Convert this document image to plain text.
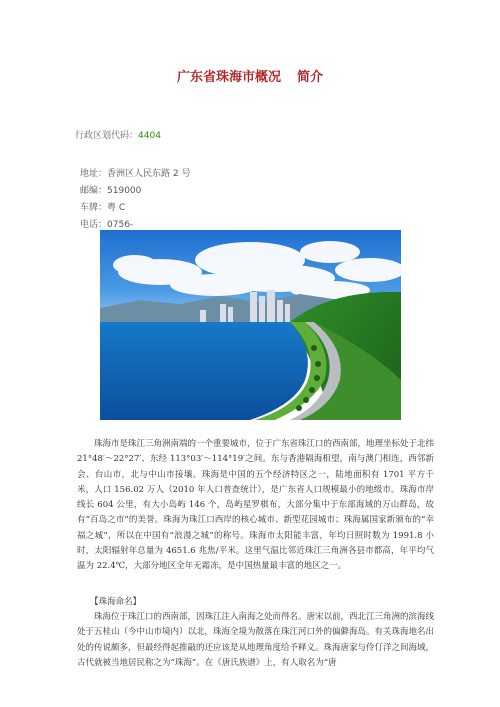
广东省珠海市概况 简介
行政区划代码：4404
地址：香洲区人民东路 2 号
邮编：519000
车牌：粤 C
电话：0756-

珠海市是珠江三角洲南端的一个重要城市，位于广东省珠江口的西南部，地理坐标处于北纬 21°48′～22°27′、东经 113°03′～114°19′之间。东与香港隔海相望，南与澳门相连，西邻新会、台山市，北与中山市接壤。珠海是中国的五个经济特区之一，陆地面积有 1701 平方千米，人口 156.02 万人（2010 年人口普查统计），是广东省人口规模最小的地级市。珠海市岸线长 604 公里，有大小岛屿 146 个，岛屿星罗棋布，大部分集中于东部海域的万山群岛，故有“百岛之市”的美誉。珠海为珠江口西岸的核心城市、新型花园城市；珠海属国家新颁布的“幸福之城”，所以在中国有“浪漫之城”的称号。珠海市太阳能丰富，年均日照时数为 1991.8 小时，太阳辐射年总量为 4651.6 兆焦/平米。这里气温比邻近珠江三角洲各县市都高，年平均气温为 22.4℃，大部分地区全年无霜冻，是中国热量最丰富的地区之一。

【珠海命名】

珠海位于珠江口的西南部，因珠江注入南海之处而得名。唐宋以前，西北江三角洲的滨海线处于五桂山（今中山市境内）以北，珠海全境为散落在珠江河口外的偏僻海岛。有关珠海地名出处的传说颇多，但最经得起推敲的还应该是从地理角度给予释义。珠海唐家与伶仃洋之间海域，古代就被当地居民称之为“珠海”。在《唐氏族谱》上，有人取名为“唐
